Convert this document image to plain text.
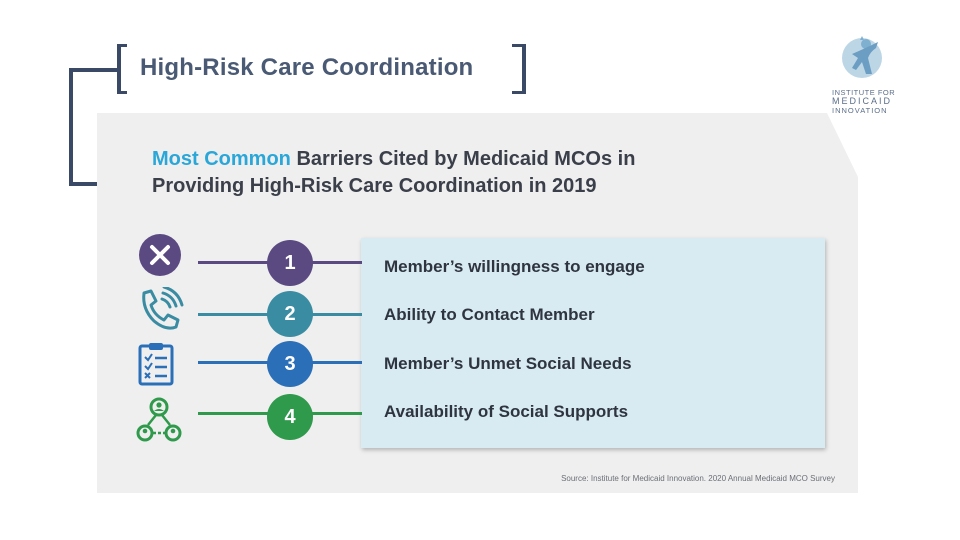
High-Risk Care Coordination
INSTITUTE FOR
MEDICAID
INNOVATION
Most Common Barriers Cited by Medicaid MCOs in
Providing High-Risk Care Coordination in 2019
1
2
3
4
Member’s willingness to engage
Ability to Contact Member
Member’s Unmet Social Needs
Availability of Social Supports
Source: Institute for Medicaid Innovation. 2020 Annual Medicaid MCO Survey
